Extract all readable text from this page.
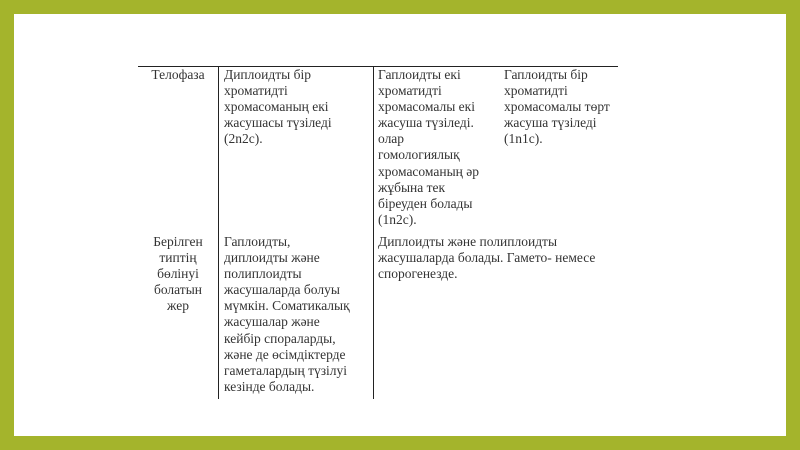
Телофаза	Диплоидты бір
хроматидті
хромасоманың екі
жасушасы түзіледі
(2n2c).
Гаплоидты екі
хроматидті
хромасомалы екі
жасуша түзіледі.
олар
гомологиялық
хромасоманың әр
жұбына тек
біреуден болады
(1n2c).
Гаплоидты бір
хроматидті
хромасомалы төрт
жасуша түзіледі
(1n1c).
Берілген
типтің
бөлінуі
болатын
жер
Гаплоидты,
диплоидты және
полиплоидты
жасушаларда болуы
мүмкін. Соматикалық
жасушалар және
кейбір спораларды,
және де өсімдіктерде
гаметалардың түзілуі
кезінде болады.
Диплоидты және полиплоидты
жасушаларда болады. Гамето- немесе
спорогенезде.
